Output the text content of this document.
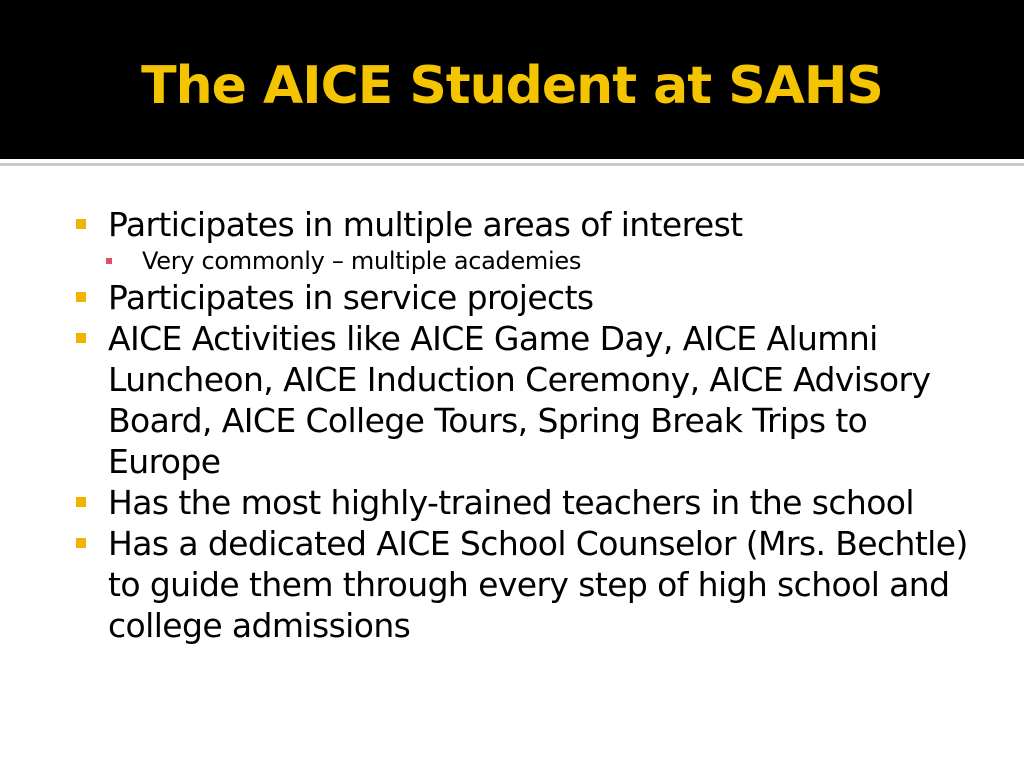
The AICE Student at SAHS
Participates in multiple areas of interest
Very commonly – multiple academies
Participates in service projects
AICE Activities like AICE Game Day, AICE Alumni Luncheon, AICE Induction Ceremony, AICE Advisory Board, AICE College Tours, Spring Break Trips to Europe
Has the most highly-trained teachers in the school
Has a dedicated AICE School Counselor (Mrs. Bechtle) to guide them through every step of high school and college admissions
